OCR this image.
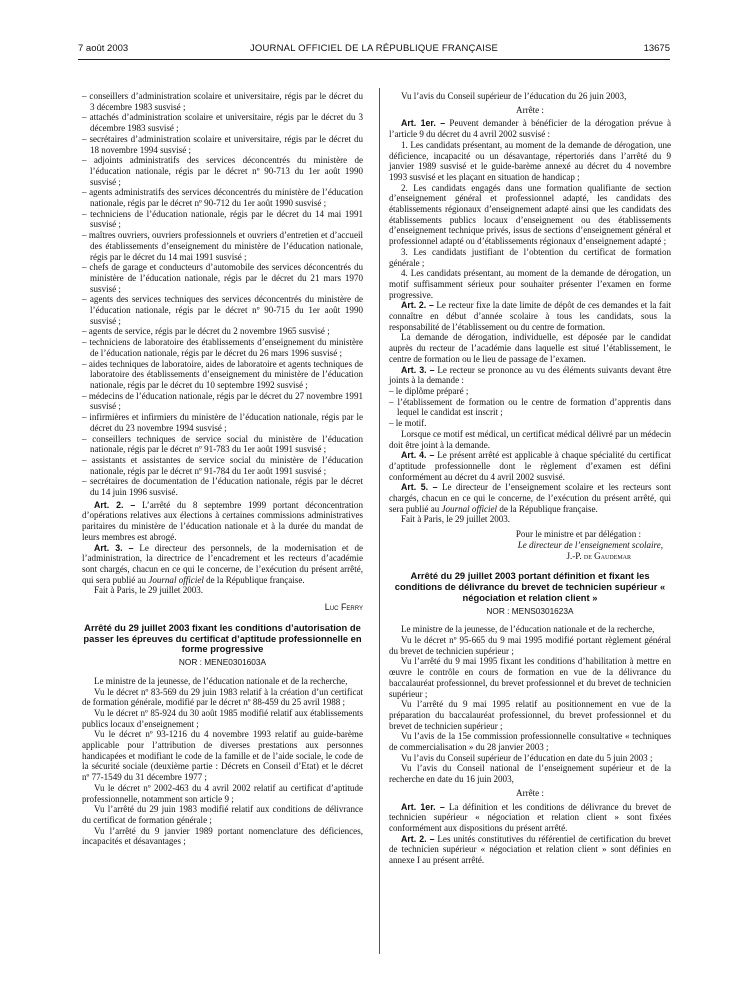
7 août 2003	JOURNAL OFFICIEL DE LA RÉPUBLIQUE FRANÇAISE	13675

– conseillers d’administration scolaire et universitaire, régis par le décret du 3 décembre 1983 susvisé ;

– attachés d’administration scolaire et universitaire, régis par le décret du 3 décembre 1983 susvisé ;

– secrétaires d’administration scolaire et universitaire, régis par le décret du 18 novembre 1994 susvisé ;

– adjoints administratifs des services déconcentrés du ministère de l’éducation nationale, régis par le décret nº 90-713 du 1er août 1990 susvisé ;

– agents administratifs des services déconcentrés du ministère de l’éducation nationale, régis par le décret nº 90-712 du 1er août 1990 susvisé ;

– techniciens de l’éducation nationale, régis par le décret du 14 mai 1991 susvisé ;

– maîtres ouvriers, ouvriers professionnels et ouvriers d’entretien et d’accueil des établissements d’enseignement du ministère de l’éducation nationale, régis par le décret du 14 mai 1991 susvisé ;

– chefs de garage et conducteurs d’automobile des services déconcentrés du ministère de l’éducation nationale, régis par le décret du 21 mars 1970 susvisé ;

– agents des services techniques des services déconcentrés du ministère de l’éducation nationale, régis par le décret nº 90-715 du 1er août 1990 susvisé ;

– agents de service, régis par le décret du 2 novembre 1965 susvisé ;

– techniciens de laboratoire des établissements d’enseignement du ministère de l’éducation nationale, régis par le décret du 26 mars 1996 susvisé ;

– aides techniques de laboratoire, aides de laboratoire et agents techniques de laboratoire des établissements d’enseignement du ministère de l’éducation nationale, régis par le décret du 10 septembre 1992 susvisé ;

– médecins de l’éducation nationale, régis par le décret du 27 novembre 1991 susvisé ;

– infirmières et infirmiers du ministère de l’éducation nationale, régis par le décret du 23 novembre 1994 susvisé ;

– conseillers techniques de service social du ministère de l’éducation nationale, régis par le décret nº 91-783 du 1er août 1991 susvisé ;

– assistants et assistantes de service social du ministère de l’éducation nationale, régis par le décret nº 91-784 du 1er août 1991 susvisé ;

– secrétaires de documentation de l’éducation nationale, régis par le décret du 14 juin 1996 susvisé.

Art. 2. – L’arrêté du 8 septembre 1999 portant déconcentration d’opérations relatives aux élections à certaines commissions administratives paritaires du ministère de l’éducation nationale et à la durée du mandat de leurs membres est abrogé.

Art. 3. – Le directeur des personnels, de la modernisation et de l’administration, la directrice de l’encadrement et les recteurs d’académie sont chargés, chacun en ce qui le concerne, de l’exécution du présent arrêté, qui sera publié au Journal officiel de la République française.

Fait à Paris, le 29 juillet 2003.

Luc Ferry

Arrêté du 29 juillet 2003 fixant les conditions d’autorisation de passer les épreuves du certificat d’aptitude professionnelle en forme progressive

NOR : MENE0301603A

Le ministre de la jeunesse, de l’éducation nationale et de la recherche,

Vu le décret nº 83-569 du 29 juin 1983 relatif à la création d’un certificat de formation générale, modifié par le décret nº 88-459 du 25 avril 1988 ;

Vu le décret nº 85-924 du 30 août 1985 modifié relatif aux établissements publics locaux d’enseignement ;

Vu le décret nº 93-1216 du 4 novembre 1993 relatif au guide-barème applicable pour l’attribution de diverses prestations aux personnes handicapées et modifiant le code de la famille et de l’aide sociale, le code de la sécurité sociale (deuxième partie : Décrets en Conseil d’Etat) et le décret nº 77-1549 du 31 décembre 1977 ;

Vu le décret nº 2002-463 du 4 avril 2002 relatif au certificat d’aptitude professionnelle, notamment son article 9 ;

Vu l’arrêté du 29 juin 1983 modifié relatif aux conditions de délivrance du certificat de formation générale ;

Vu l’arrêté du 9 janvier 1989 portant nomenclature des déficiences, incapacités et désavantages ;

Vu l’avis du Conseil supérieur de l’éducation du 26 juin 2003,

Arrête :

Art. 1er. – Peuvent demander à bénéficier de la dérogation prévue à l’article 9 du décret du 4 avril 2002 susvisé :

1. Les candidats présentant, au moment de la demande de dérogation, une déficience, incapacité ou un désavantage, répertoriés dans l’arrêté du 9 janvier 1989 susvisé et le guide-barème annexé au décret du 4 novembre 1993 susvisé et les plaçant en situation de handicap ;

2. Les candidats engagés dans une formation qualifiante de section d’enseignement général et professionnel adapté, les candidats des établissements régionaux d’enseignement adapté ainsi que les candidats des établissements publics locaux d’enseignement ou des établissements d’enseignement technique privés, issus de sections d’enseignement général et professionnel adapté ou d’établissements régionaux d’enseignement adapté ;

3. Les candidats justifiant de l’obtention du certificat de formation générale ;

4. Les candidats présentant, au moment de la demande de dérogation, un motif suffisamment sérieux pour souhaiter présenter l’examen en forme progressive.

Art. 2. – Le recteur fixe la date limite de dépôt de ces demandes et la fait connaître en début d’année scolaire à tous les candidats, sous la responsabilité de l’établissement ou du centre de formation.

La demande de dérogation, individuelle, est déposée par le candidat auprès du recteur de l’académie dans laquelle est situé l’établissement, le centre de formation ou le lieu de passage de l’examen.

Art. 3. – Le recteur se prononce au vu des éléments suivants devant être joints à la demande :

– le diplôme préparé ;

– l’établissement de formation ou le centre de formation d’apprentis dans lequel le candidat est inscrit ;

– le motif.

Lorsque ce motif est médical, un certificat médical délivré par un médecin doit être joint à la demande.

Art. 4. – Le présent arrêté est applicable à chaque spécialité du certificat d’aptitude professionnelle dont le règlement d’examen est défini conformément au décret du 4 avril 2002 susvisé.

Art. 5. – Le directeur de l’enseignement scolaire et les recteurs sont chargés, chacun en ce qui le concerne, de l’exécution du présent arrêté, qui sera publié au Journal officiel de la République française.

Fait à Paris, le 29 juillet 2003.

Pour le ministre et par délégation :

Le directeur de l’enseignement scolaire,

J.-P. de Gaudemar

Arrêté du 29 juillet 2003 portant définition et fixant les conditions de délivrance du brevet de technicien supérieur « négociation et relation client »

NOR : MENS0301623A

Le ministre de la jeunesse, de l’éducation nationale et de la recherche,

Vu le décret nº 95-665 du 9 mai 1995 modifié portant règlement général du brevet de technicien supérieur ;

Vu l’arrêté du 9 mai 1995 fixant les conditions d’habilitation à mettre en œuvre le contrôle en cours de formation en vue de la délivrance du baccalauréat professionnel, du brevet professionnel et du brevet de technicien supérieur ;

Vu l’arrêté du 9 mai 1995 relatif au positionnement en vue de la préparation du baccalauréat professionnel, du brevet professionnel et du brevet de technicien supérieur ;

Vu l’avis de la 15e commission professionnelle consultative « techniques de commercialisation » du 28 janvier 2003 ;

Vu l’avis du Conseil supérieur de l’éducation en date du 5 juin 2003 ;

Vu l’avis du Conseil national de l’enseignement supérieur et de la recherche en date du 16 juin 2003,

Arrête :

Art. 1er. – La définition et les conditions de délivrance du brevet de technicien supérieur « négociation et relation client » sont fixées conformément aux dispositions du présent arrêté.

Art. 2. – Les unités constitutives du référentiel de certification du brevet de technicien supérieur « négociation et relation client » sont définies en annexe I au présent arrêté.
